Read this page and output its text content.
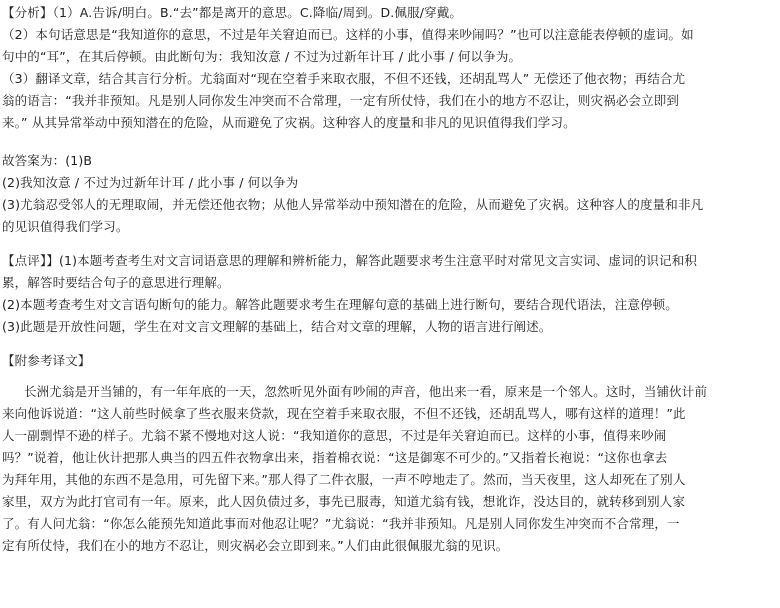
【分析】（1）A.告诉/明白。B.“去”都是离开的意思。C.降临/周到。D.佩服/穿戴。
（2）本句话意思是“我知道你的意思，不过是年关窘迫而已。这样的小事，值得来吵闹吗？”也可以注意能表停顿的虚词。如
句中的“耳”，在其后停顿。由此断句为：我知汝意 / 不过为过新年计耳 / 此小事 / 何以争为。
（3）翻译文章，结合其言行分析。尤翁面对“现在空着手来取衣服，不但不还钱，还胡乱骂人” 无偿还了他衣物；再结合尤
翁的语言：“我并非预知。凡是别人同你发生冲突而不合常理，一定有所仗恃，我们在小的地方不忍让，则灾祸必会立即到
来。” 从其异常举动中预知潜在的危险，从而避免了灾祸。这种容人的度量和非凡的见识值得我们学习。
故答案为：(1)B
(2)我知汝意 / 不过为过新年计耳 / 此小事 / 何以争为
(3)尤翁忍受邻人的无理取闹，并无偿还他衣物；从他人异常举动中预知潜在的危险，从而避免了灾祸。这种容人的度量和非凡
的见识值得我们学习。
【点评】】(1)本题考查考生对文言词语意思的理解和辨析能力，解答此题要求考生注意平时对常见文言实词、虚词的识记和积
累，解答时要结合句子的意思进行理解。
(2)本题考查考生对文言语句断句的能力。解答此题要求考生在理解句意的基础上进行断句，要结合现代语法，注意停顿。
(3)此题是开放性问题，学生在对文言文理解的基础上，结合对文章的理解，人物的语言进行阐述。
【附参考译文】
长洲尤翁是开当铺的，有一年年底的一天，忽然听见外面有吵闹的声音，他出来一看，原来是一个邻人。这时，当铺伙计前
来向他诉说道：“这人前些时候拿了些衣服来贷款，现在空着手来取衣服，不但不还钱，还胡乱骂人，哪有这样的道理！”此
人一副剽悍不逊的样子。尤翁不紧不慢地对这人说：“我知道你的意思，不过是年关窘迫而已。这样的小事，值得来吵闹
吗？”说着，他让伙计把那人典当的四五件衣物拿出来，指着棉衣说：“这是御寒不可少的。”又指着长袍说：“这你也拿去
为拜年用，其他的东西不是急用，可先留下来。”那人得了二件衣服，一声不哼地走了。然而，当天夜里，这人却死在了别人
家里，双方为此打官司有一年。原来，此人因负债过多，事先已服毒，知道尤翁有钱，想讹诈，没达目的，就转移到别人家
了。有人问尤翁：“你怎么能预先知道此事而对他忍让呢？”尤翁说：“我并非预知。凡是别人同你发生冲突而不合常理，一
定有所仗恃，我们在小的地方不忍让，则灾祸必会立即到来。”人们由此很佩服尤翁的见识。
